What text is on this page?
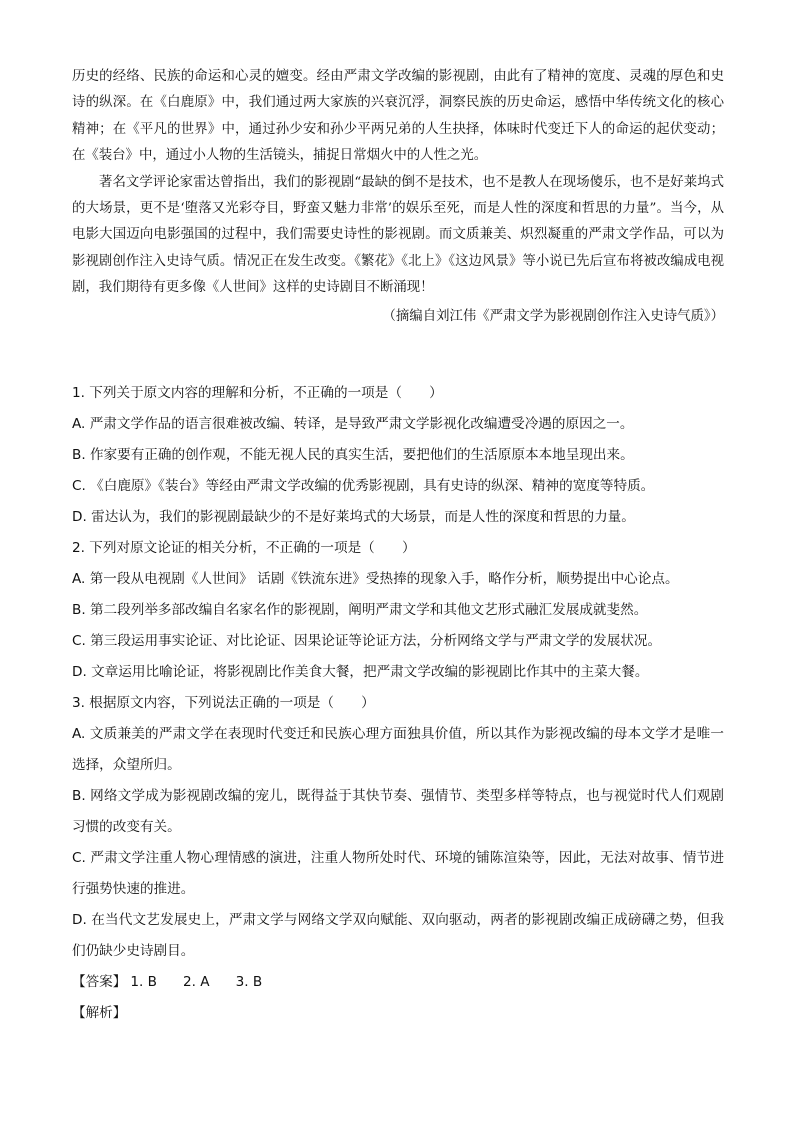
历史的经络、民族的命运和心灵的嬗变。经由严肃文学改编的影视剧，由此有了精神的宽度、灵魂的厚色和史诗的纵深。在《白鹿原》中，我们通过两大家族的兴衰沉浮，洞察民族的历史命运，感悟中华传统文化的核心精神；在《平凡的世界》中，通过孙少安和孙少平两兄弟的人生抉择，体味时代变迁下人的命运的起伏变动；在《装台》中，通过小人物的生活镜头，捕捉日常烟火中的人性之光。

著名文学评论家雷达曾指出，我们的影视剧“最缺的倒不是技术，也不是教人在现场傻乐，也不是好莱坞式的大场景，更不是‘堕落又光彩夺目，野蛮又魅力非常’的娱乐至死，而是人性的深度和哲思的力量”。当今，从电影大国迈向电影强国的过程中，我们需要史诗性的影视剧。而文质兼美、炽烈凝重的严肃文学作品，可以为影视剧创作注入史诗气质。情况正在发生改变。《繁花》《北上》《这边风景》等小说已先后宣布将被改编成电视剧，我们期待有更多像《人世间》这样的史诗剧目不断涌现！

（摘编自刘江伟《严肃文学为影视剧创作注入史诗气质》）

1. 下列关于原文内容的理解和分析，不正确的一项是（　　）
A. 严肃文学作品的语言很难被改编、转译，是导致严肃文学影视化改编遭受冷遇的原因之一。
B. 作家要有正确的创作观，不能无视人民的真实生活，要把他们的生活原原本本地呈现出来。
C. 《白鹿原》《装台》等经由严肃文学改编的优秀影视剧，具有史诗的纵深、精神的宽度等特质。
D. 雷达认为，我们的影视剧最缺少的不是好莱坞式的大场景，而是人性的深度和哲思的力量。
2. 下列对原文论证的相关分析，不正确的一项是（　　）
A. 第一段从电视剧《人世间》 话剧《铁流东进》受热捧的现象入手，略作分析，顺势提出中心论点。
B. 第二段列举多部改编自名家名作的影视剧，阐明严肃文学和其他文艺形式融汇发展成就斐然。
C. 第三段运用事实论证、对比论证、因果论证等论证方法，分析网络文学与严肃文学的发展状况。
D. 文章运用比喻论证，将影视剧比作美食大餐，把严肃文学改编的影视剧比作其中的主菜大餐。
3. 根据原文内容，下列说法正确的一项是（　　）
A. 文质兼美的严肃文学在表现时代变迁和民族心理方面独具价值，所以其作为影视改编的母本文学才是唯一选择，众望所归。
B. 网络文学成为影视剧改编的宠儿，既得益于其快节奏、强情节、类型多样等特点，也与视觉时代人们观剧习惯的改变有关。
C. 严肃文学注重人物心理情感的演进，注重人物所处时代、环境的铺陈渲染等，因此，无法对故事、情节进行强势快速的推进。
D. 在当代文艺发展史上，严肃文学与网络文学双向赋能、双向驱动，两者的影视剧改编正成磅礴之势，但我们仍缺少史诗剧目。
【答案】 1. B 2. A 3. B
【解析】
